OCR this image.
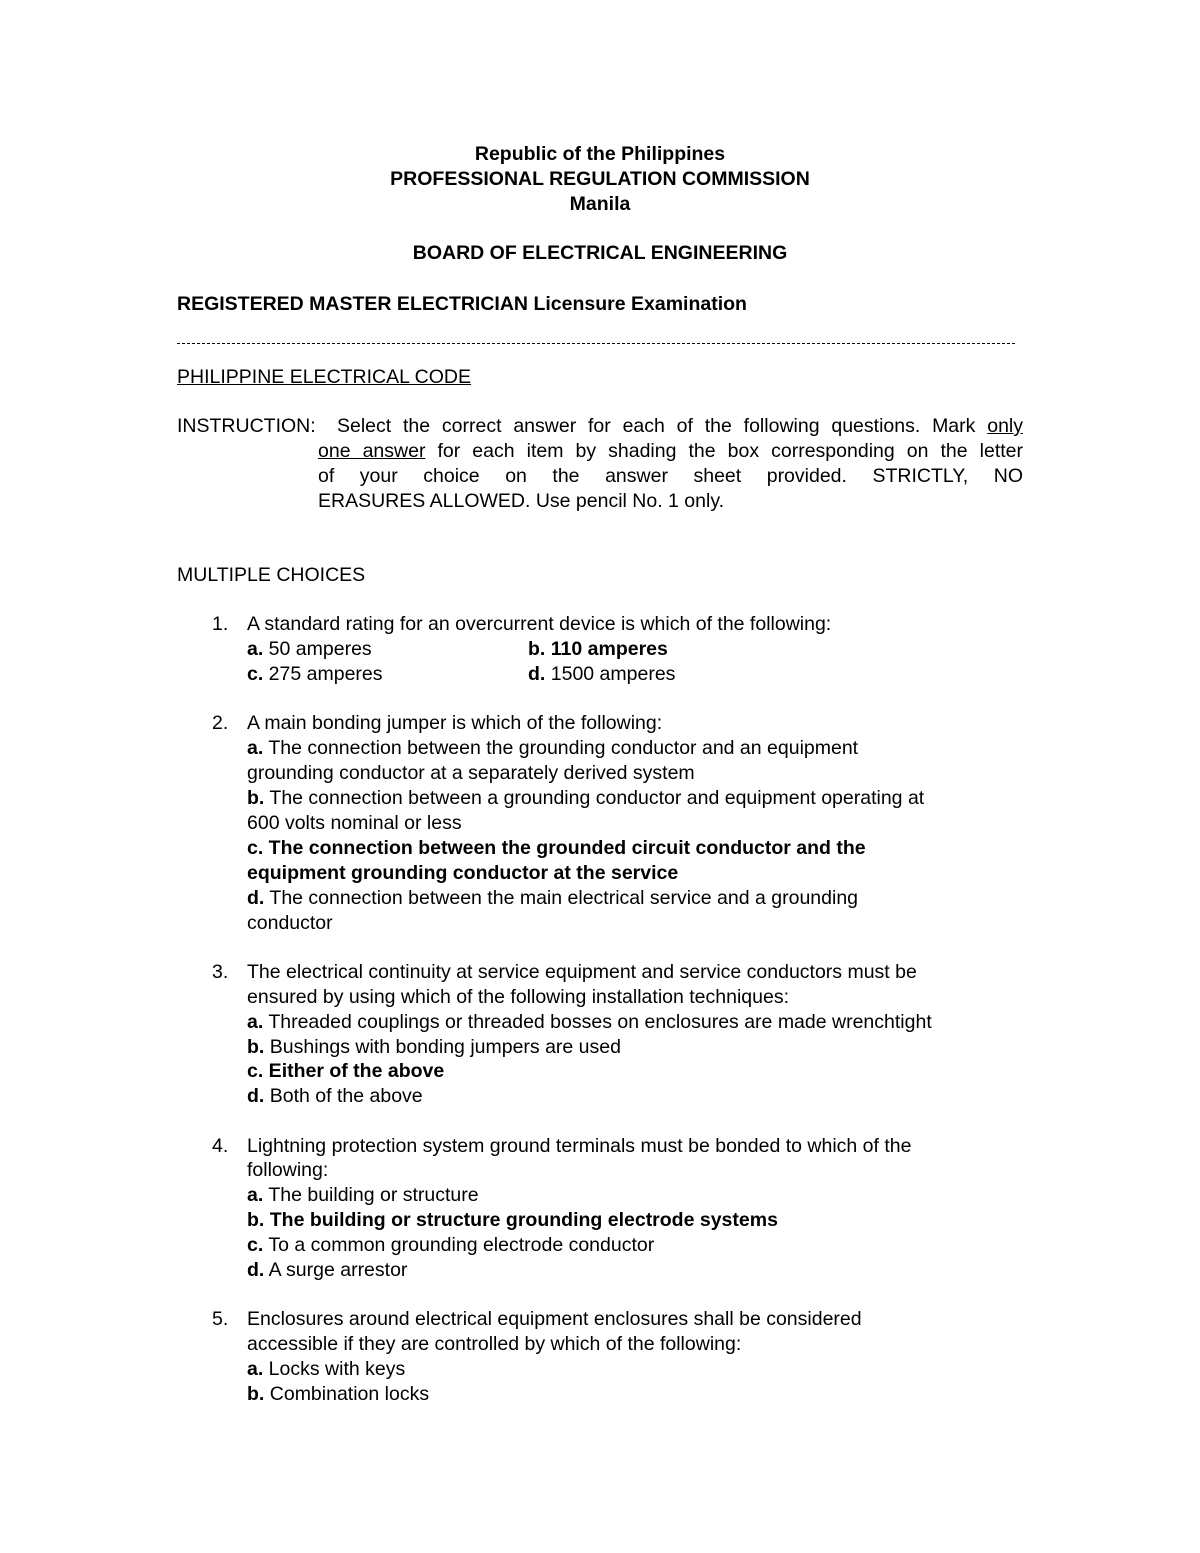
Republic of the Philippines
PROFESSIONAL REGULATION COMMISSION
Manila
BOARD OF ELECTRICAL ENGINEERING
REGISTERED MASTER ELECTRICIAN Licensure Examination
PHILIPPINE ELECTRICAL CODE
INSTRUCTION: Select the correct answer for each of the following questions. Mark only
one answer for each item by shading the box corresponding on the letter
of your choice on the answer sheet provided. STRICTLY, NO
ERASURES ALLOWED. Use pencil No. 1 only.
MULTIPLE CHOICES
1. A standard rating for an overcurrent device is which of the following:
a. 50 amperes	b. 110 amperes
c. 275 amperes	d. 1500 amperes
2. A main bonding jumper is which of the following:
a. The connection between the grounding conductor and an equipment
grounding conductor at a separately derived system
b. The connection between a grounding conductor and equipment operating at
600 volts nominal or less
c. The connection between the grounded circuit conductor and the
equipment grounding conductor at the service
d. The connection between the main electrical service and a grounding
conductor
3. The electrical continuity at service equipment and service conductors must be
ensured by using which of the following installation techniques:
a. Threaded couplings or threaded bosses on enclosures are made wrenchtight
b. Bushings with bonding jumpers are used
c. Either of the above
d. Both of the above
4. Lightning protection system ground terminals must be bonded to which of the
following:
a. The building or structure
b. The building or structure grounding electrode systems
c. To a common grounding electrode conductor
d. A surge arrestor
5. Enclosures around electrical equipment enclosures shall be considered
accessible if they are controlled by which of the following:
a. Locks with keys
b. Combination locks
